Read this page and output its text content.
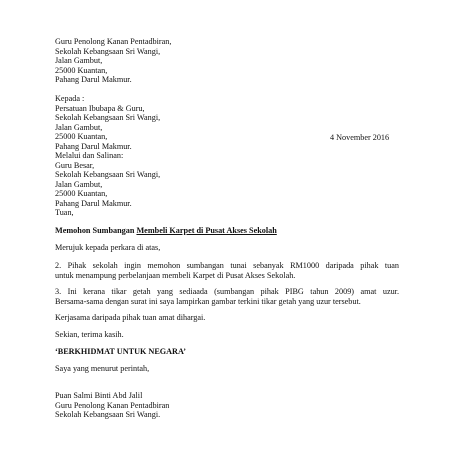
Guru Penolong Kanan Pentadbiran,
Sekolah Kebangsaan Sri Wangi,
Jalan Gambut,
25000 Kuantan,
Pahang Darul Makmur.
Kepada :
Persatuan Ibubapa & Guru,
Sekolah Kebangsaan Sri Wangi,
Jalan Gambut,
25000 Kuantan,
Pahang Darul Makmur.
4 November 2016
Melalui dan Salinan:
Guru Besar,
Sekolah Kebangsaan Sri Wangi,
Jalan Gambut,
25000 Kuantan,
Pahang Darul Makmur.
Tuan,
Memohon Sumbangan Membeli Karpet di Pusat Akses Sekolah
Merujuk kepada perkara di atas,
2. Pihak sekolah ingin memohon sumbangan tunai sebanyak RM1000 daripada pihak tuan
untuk menampung perbelanjaan membeli Karpet di Pusat Akses Sekolah.
3. Ini kerana tikar getah yang sediaada (sumbangan pihak PIBG tahun 2009) amat uzur.
Bersama-sama dengan surat ini saya lampirkan gambar terkini tikar getah yang uzur tersebut.
Kerjasama daripada pihak tuan amat dihargai.
Sekian, terima kasih.
‘BERKHIDMAT UNTUK NEGARA’
Saya yang menurut perintah,
Puan Salmi Binti Abd Jalil
Guru Penolong Kanan Pentadbiran
Sekolah Kebangsaan Sri Wangi.
